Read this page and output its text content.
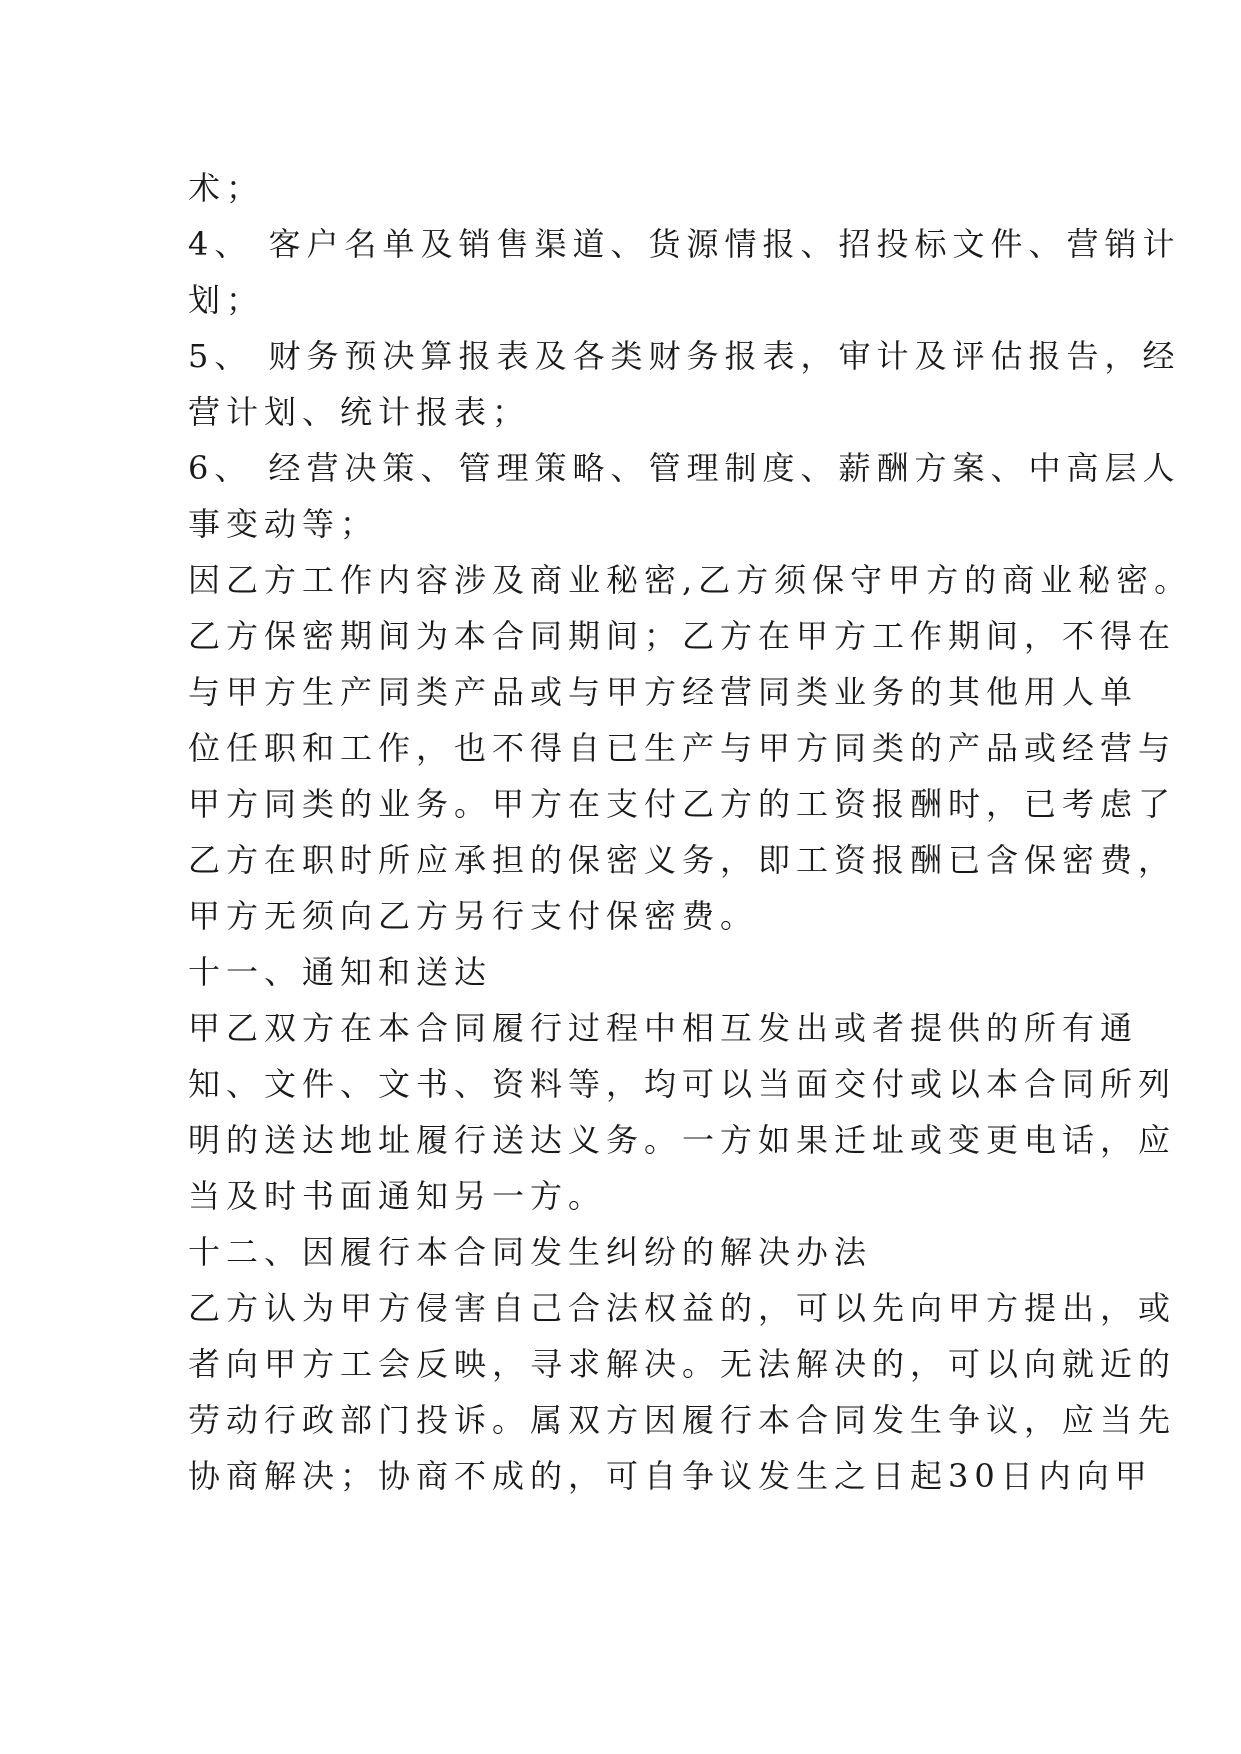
术；
4、 客户名单及销售渠道、货源情报、招投标文件、营销计
划；
5、 财务预决算报表及各类财务报表，审计及评估报告，经
营计划、统计报表；
6、 经营决策、管理策略、管理制度、薪酬方案、中高层人
事变动等；
因乙方工作内容涉及商业秘密,乙方须保守甲方的商业秘密。
乙方保密期间为本合同期间；乙方在甲方工作期间，不得在
与甲方生产同类产品或与甲方经营同类业务的其他用人单
位任职和工作，也不得自已生产与甲方同类的产品或经营与
甲方同类的业务。甲方在支付乙方的工资报酬时，已考虑了
乙方在职时所应承担的保密义务，即工资报酬已含保密费，
甲方无须向乙方另行支付保密费。
十一、通知和送达
甲乙双方在本合同履行过程中相互发出或者提供的所有通
知、文件、文书、资料等，均可以当面交付或以本合同所列
明的送达地址履行送达义务。一方如果迁址或变更电话，应
当及时书面通知另一方。
十二、因履行本合同发生纠纷的解决办法
乙方认为甲方侵害自己合法权益的，可以先向甲方提出，或
者向甲方工会反映，寻求解决。无法解决的，可以向就近的
劳动行政部门投诉。属双方因履行本合同发生争议，应当先
协商解决；协商不成的，可自争议发生之日起30日内向甲
